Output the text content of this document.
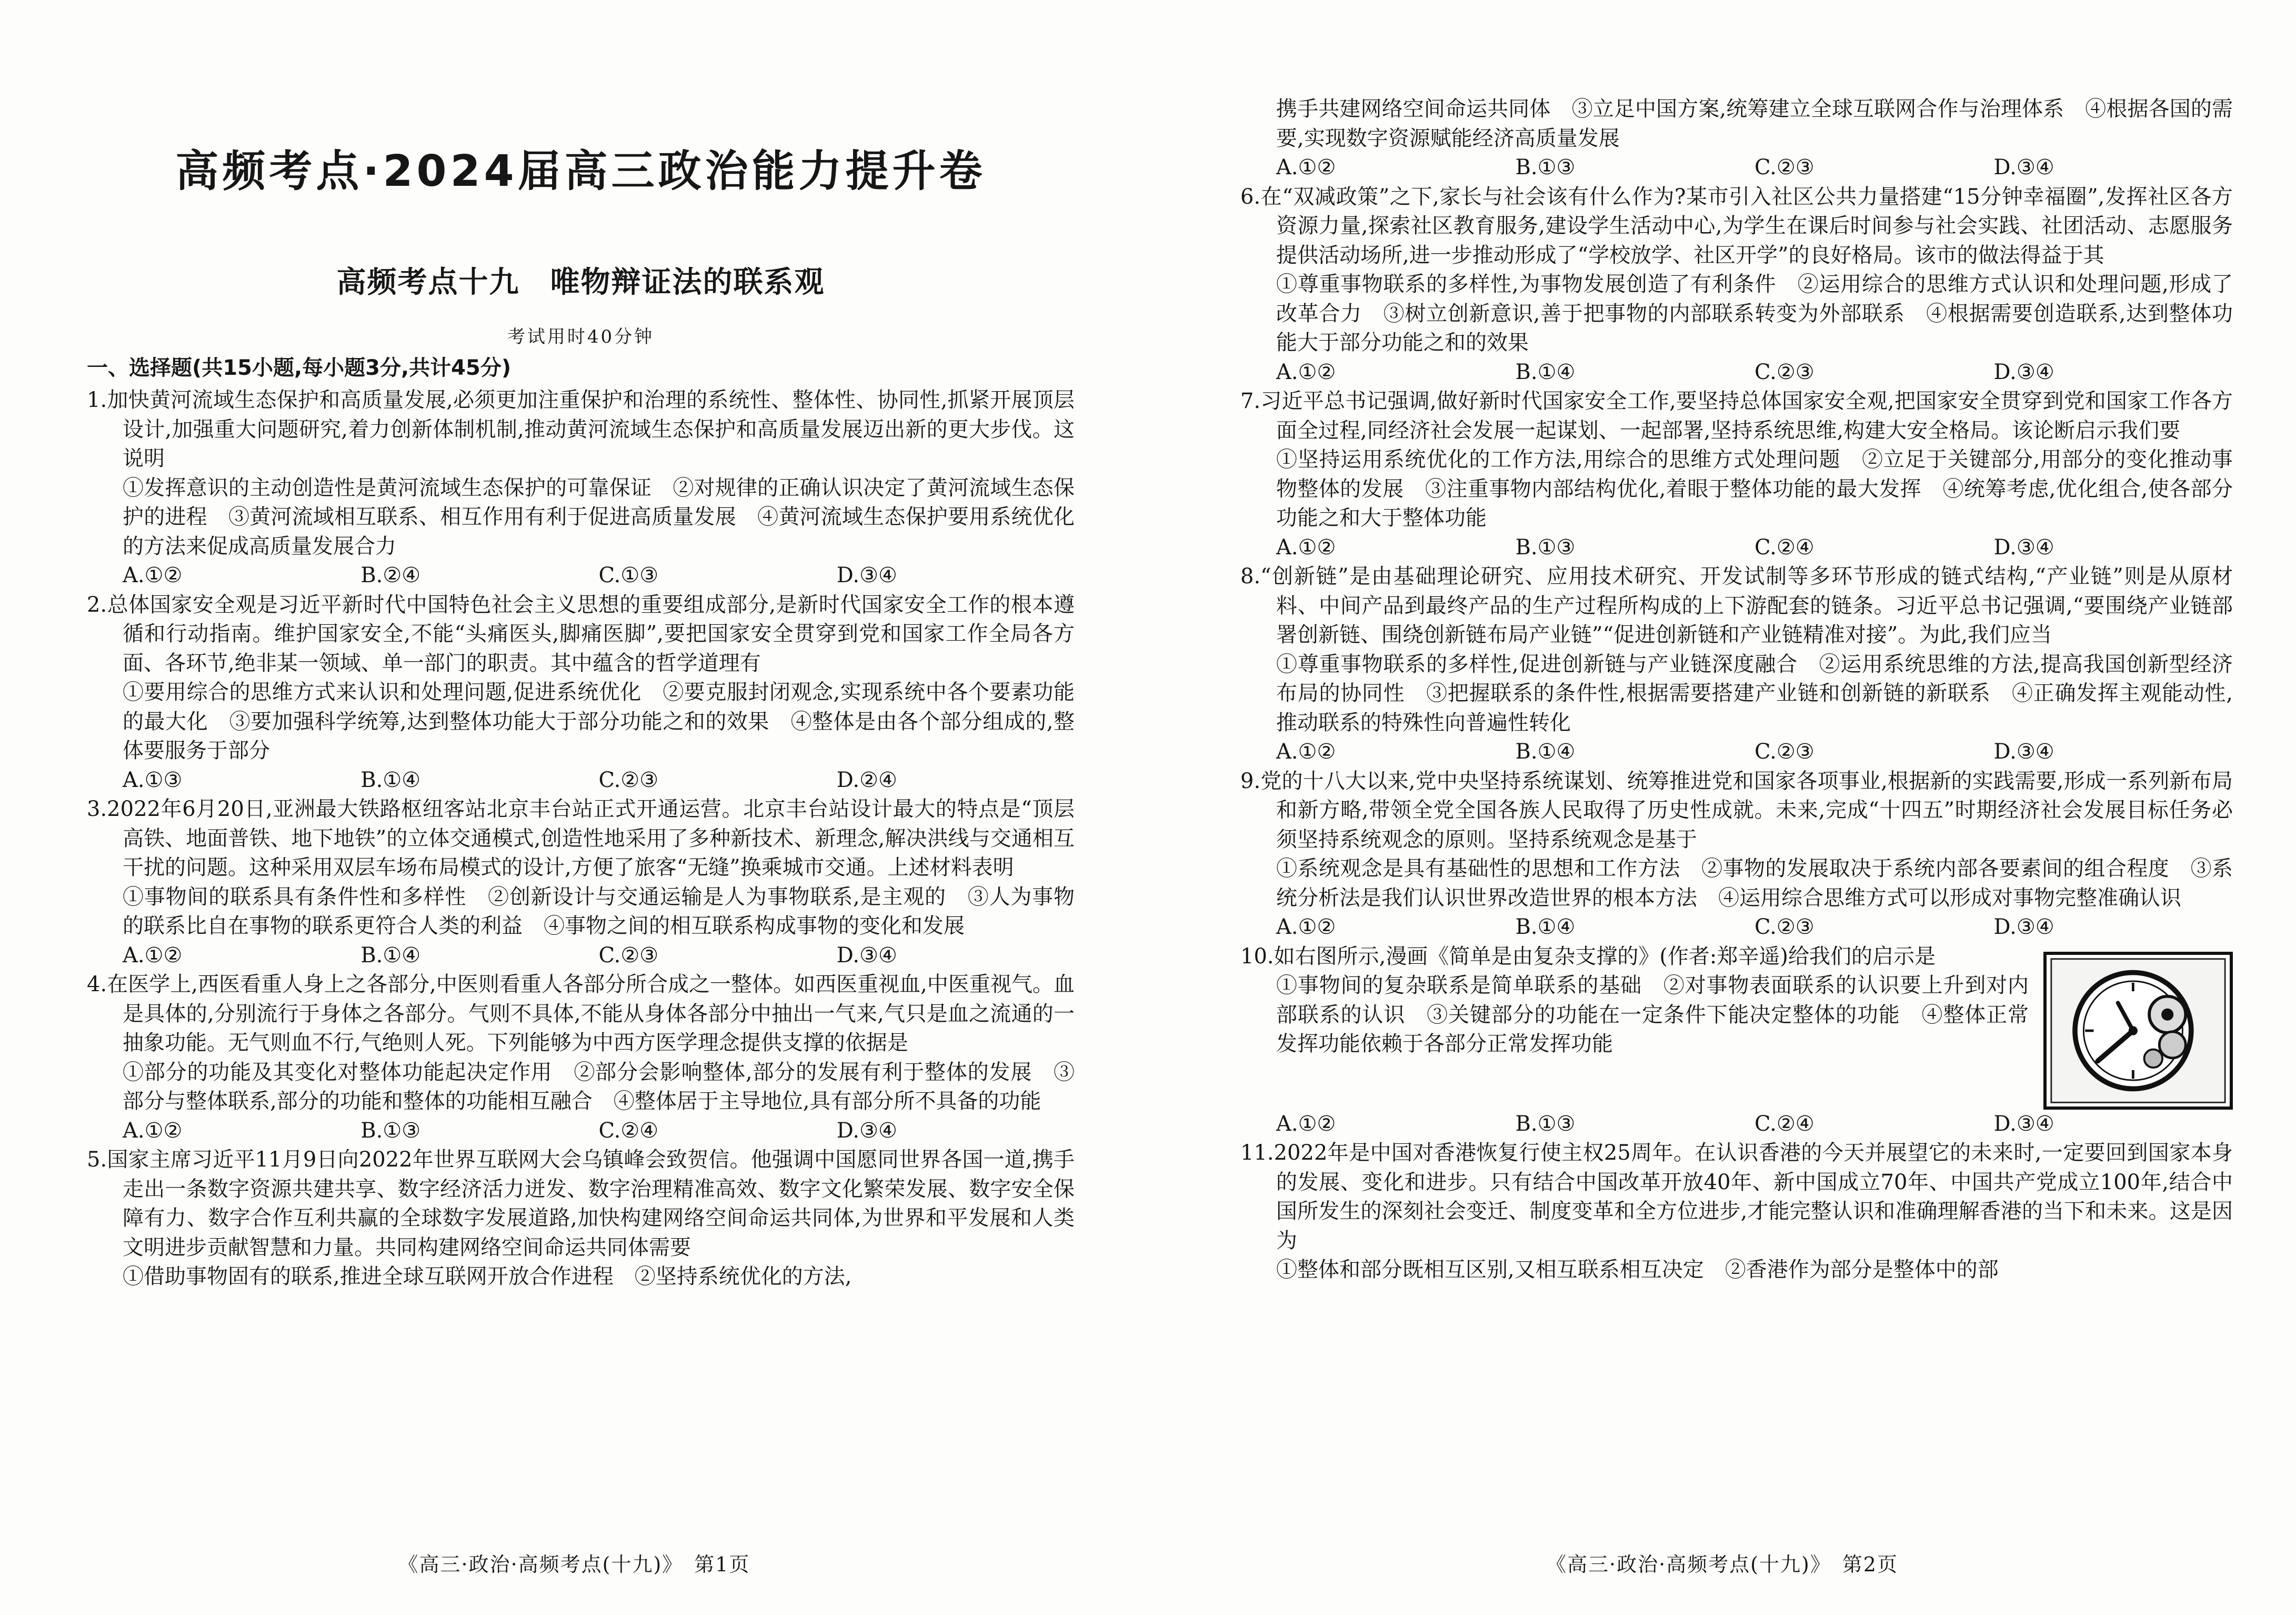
高频考点·2024届高三政治能力提升卷
高频考点十九　唯物辩证法的联系观
考试用时40分钟
一、选择题(共15小题,每小题3分,共计45分)
1.加快黄河流域生态保护和高质量发展,必须更加注重保护和治理的系统性、整体性、协同性,抓紧开展顶层设计,加强重大问题研究,着力创新体制机制,推动黄河流域生态保护和高质量发展迈出新的更大步伐。这说明
①发挥意识的主动创造性是黄河流域生态保护的可靠保证　②对规律的正确认识决定了黄河流域生态保护的进程　③黄河流域相互联系、相互作用有利于促进高质量发展　④黄河流域生态保护要用系统优化的方法来促成高质量发展合力
A.①②	B.②④	C.①③	D.③④
2.总体国家安全观是习近平新时代中国特色社会主义思想的重要组成部分,是新时代国家安全工作的根本遵循和行动指南。维护国家安全,不能“头痛医头,脚痛医脚”,要把国家安全贯穿到党和国家工作全局各方面、各环节,绝非某一领域、单一部门的职责。其中蕴含的哲学道理有
①要用综合的思维方式来认识和处理问题,促进系统优化　②要克服封闭观念,实现系统中各个要素功能的最大化　③要加强科学统筹,达到整体功能大于部分功能之和的效果　④整体是由各个部分组成的,整体要服务于部分
A.①③	B.①④	C.②③	D.②④
3.2022年6月20日,亚洲最大铁路枢纽客站北京丰台站正式开通运营。北京丰台站设计最大的特点是“顶层高铁、地面普铁、地下地铁”的立体交通模式,创造性地采用了多种新技术、新理念,解决洪线与交通相互干扰的问题。这种采用双层车场布局模式的设计,方便了旅客“无缝”换乘城市交通。上述材料表明
①事物间的联系具有条件性和多样性　②创新设计与交通运输是人为事物联系,是主观的　③人为事物的联系比自在事物的联系更符合人类的利益　④事物之间的相互联系构成事物的变化和发展
A.①②	B.①④	C.②③	D.③④
4.在医学上,西医看重人身上之各部分,中医则看重人各部分所合成之一整体。如西医重视血,中医重视气。血是具体的,分别流行于身体之各部分。气则不具体,不能从身体各部分中抽出一气来,气只是血之流通的一抽象功能。无气则血不行,气绝则人死。下列能够为中西方医学理念提供支撑的依据是
①部分的功能及其变化对整体功能起决定作用　②部分会影响整体,部分的发展有利于整体的发展　③部分与整体联系,部分的功能和整体的功能相互融合　④整体居于主导地位,具有部分所不具备的功能
A.①②	B.①③	C.②④	D.③④
5.国家主席习近平11月9日向2022年世界互联网大会乌镇峰会致贺信。他强调中国愿同世界各国一道,携手走出一条数字资源共建共享、数字经济活力迸发、数字治理精准高效、数字文化繁荣发展、数字安全保障有力、数字合作互利共赢的全球数字发展道路,加快构建网络空间命运共同体,为世界和平发展和人类文明进步贡献智慧和力量。共同构建网络空间命运共同体需要
①借助事物固有的联系,推进全球互联网开放合作进程　②坚持系统优化的方法,
《高三·政治·高频考点(十九)》　第1页
携手共建网络空间命运共同体　③立足中国方案,统筹建立全球互联网合作与治理体系　④根据各国的需要,实现数字资源赋能经济高质量发展
A.①②	B.①③	C.②③	D.③④
6.在“双减政策”之下,家长与社会该有什么作为?某市引入社区公共力量搭建“15分钟幸福圈”,发挥社区各方资源力量,探索社区教育服务,建设学生活动中心,为学生在课后时间参与社会实践、社团活动、志愿服务提供活动场所,进一步推动形成了“学校放学、社区开学”的良好格局。该市的做法得益于其
①尊重事物联系的多样性,为事物发展创造了有利条件　②运用综合的思维方式认识和处理问题,形成了改革合力　③树立创新意识,善于把事物的内部联系转变为外部联系　④根据需要创造联系,达到整体功能大于部分功能之和的效果
A.①②	B.①④	C.②③	D.③④
7.习近平总书记强调,做好新时代国家安全工作,要坚持总体国家安全观,把国家安全贯穿到党和国家工作各方面全过程,同经济社会发展一起谋划、一起部署,坚持系统思维,构建大安全格局。该论断启示我们要
①坚持运用系统优化的工作方法,用综合的思维方式处理问题　②立足于关键部分,用部分的变化推动事物整体的发展　③注重事物内部结构优化,着眼于整体功能的最大发挥　④统筹考虑,优化组合,使各部分功能之和大于整体功能
A.①②	B.①③	C.②④	D.③④
8.“创新链”是由基础理论研究、应用技术研究、开发试制等多环节形成的链式结构,“产业链”则是从原材料、中间产品到最终产品的生产过程所构成的上下游配套的链条。习近平总书记强调,“要围绕产业链部署创新链、围绕创新链布局产业链”“促进创新链和产业链精准对接”。为此,我们应当
①尊重事物联系的多样性,促进创新链与产业链深度融合　②运用系统思维的方法,提高我国创新型经济布局的协同性　③把握联系的条件性,根据需要搭建产业链和创新链的新联系　④正确发挥主观能动性,推动联系的特殊性向普遍性转化
A.①②	B.①④	C.②③	D.③④
9.党的十八大以来,党中央坚持系统谋划、统筹推进党和国家各项事业,根据新的实践需要,形成一系列新布局和新方略,带领全党全国各族人民取得了历史性成就。未来,完成“十四五”时期经济社会发展目标任务必须坚持系统观念的原则。坚持系统观念是基于
①系统观念是具有基础性的思想和工作方法　②事物的发展取决于系统内部各要素间的组合程度　③系统分析法是我们认识世界改造世界的根本方法　④运用综合思维方式可以形成对事物完整准确认识
A.①②	B.①④	C.②③	D.③④
10.如右图所示,漫画《简单是由复杂支撑的》(作者:郑辛遥)给我们的启示是
①事物间的复杂联系是简单联系的基础　②对事物表面联系的认识要上升到对内部联系的认识　③关键部分的功能在一定条件下能决定整体的功能　④整体正常发挥功能依赖于各部分正常发挥功能
A.①②	B.①③	C.②④	D.③④
11.2022年是中国对香港恢复行使主权25周年。在认识香港的今天并展望它的未来时,一定要回到国家本身的发展、变化和进步。只有结合中国改革开放40年、新中国成立70年、中国共产党成立100年,结合中国所发生的深刻社会变迁、制度变革和全方位进步,才能完整认识和准确理解香港的当下和未来。这是因为
①整体和部分既相互区别,又相互联系相互决定　②香港作为部分是整体中的部
《高三·政治·高频考点(十九)》　第2页
